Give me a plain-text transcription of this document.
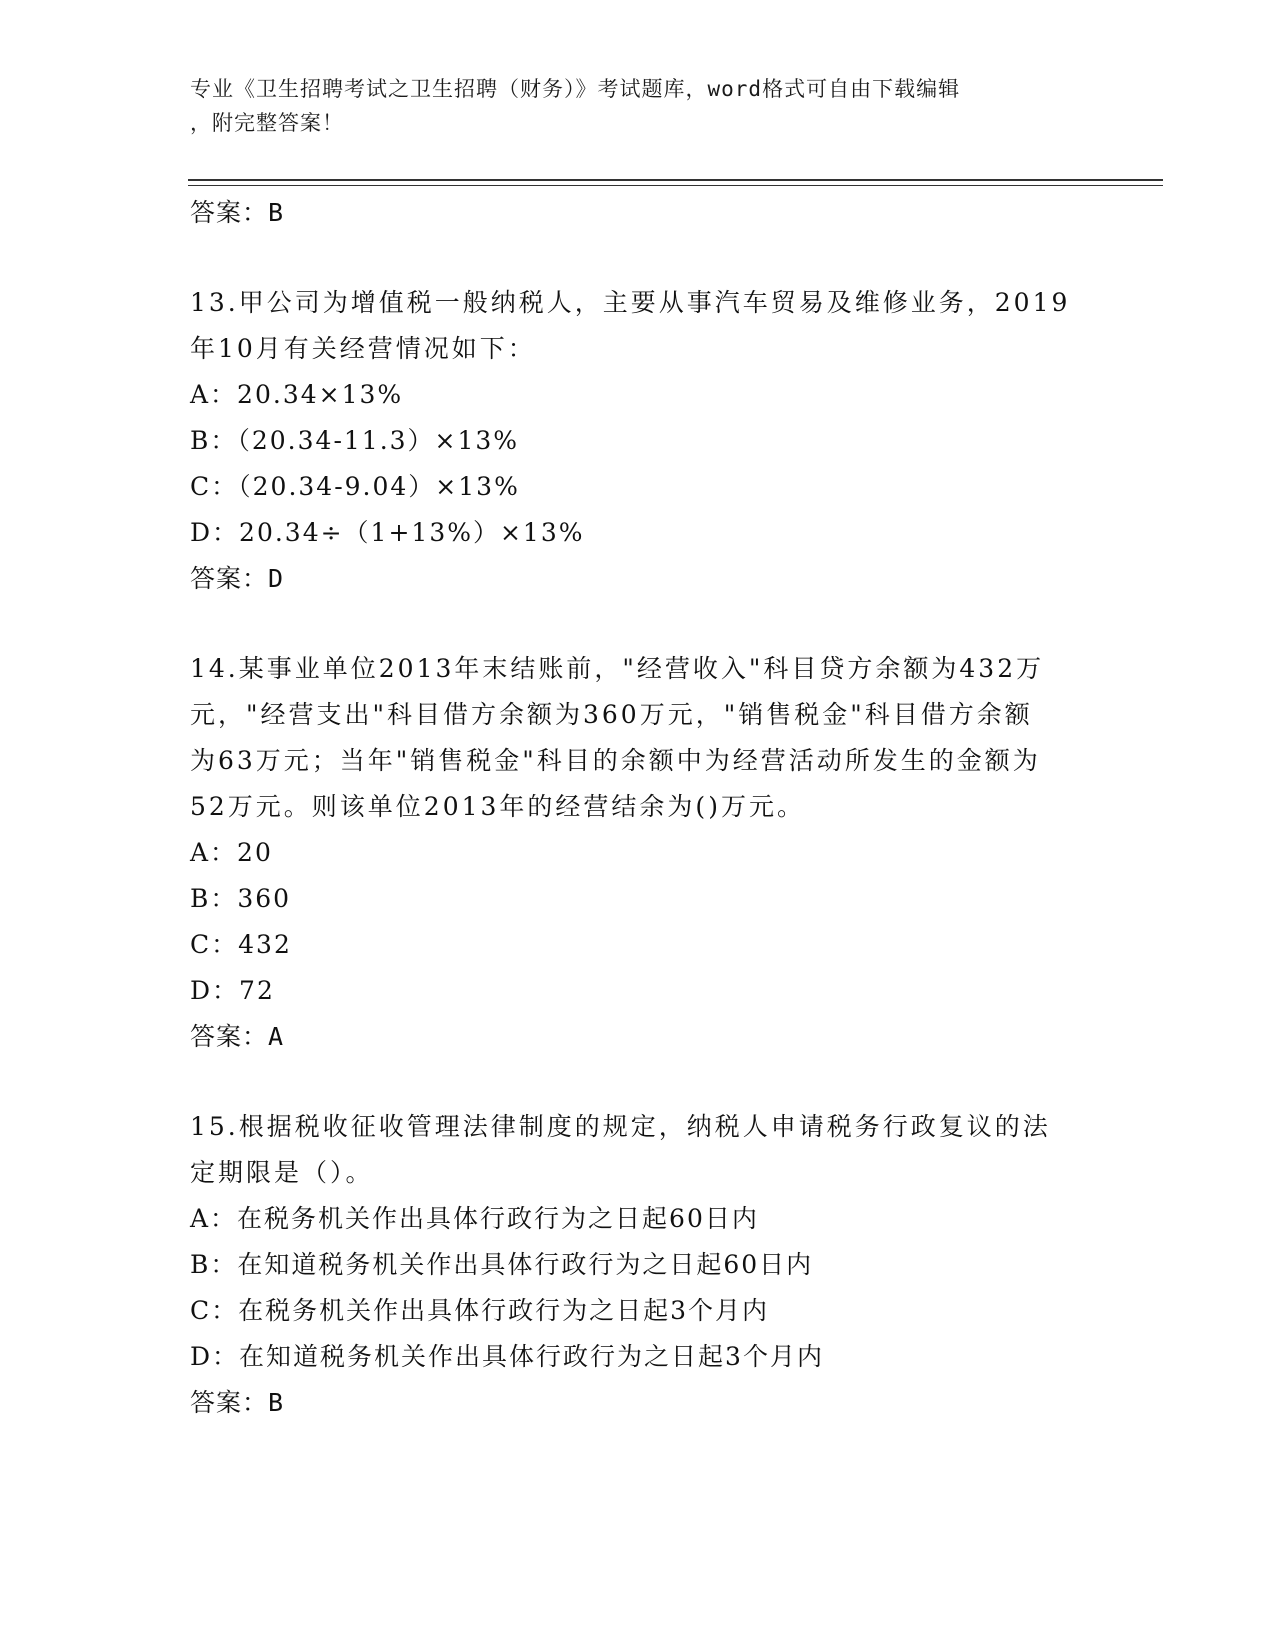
专业《卫生招聘考试之卫生招聘（财务）》考试题库，word格式可自由下载编辑
，附完整答案！
答案：B
13.甲公司为增值税一般纳税人，主要从事汽车贸易及维修业务，2019
年10月有关经营情况如下：
A：20.34×13%
B：（20.34-11.3）×13%
C：（20.34-9.04）×13%
D：20.34÷（1+13%）×13%
答案：D
14.某事业单位2013年末结账前，"经营收入"科目贷方余额为432万
元，"经营支出"科目借方余额为360万元，"销售税金"科目借方余额
为63万元；当年"销售税金"科目的余额中为经营活动所发生的金额为
52万元。则该单位2013年的经营结余为()万元。
A：20
B：360
C：432
D：72
答案：A
15.根据税收征收管理法律制度的规定，纳税人申请税务行政复议的法
定期限是（）。
A：在税务机关作出具体行政行为之日起60日内
B：在知道税务机关作出具体行政行为之日起60日内
C：在税务机关作出具体行政行为之日起3个月内
D：在知道税务机关作出具体行政行为之日起3个月内
答案：B
